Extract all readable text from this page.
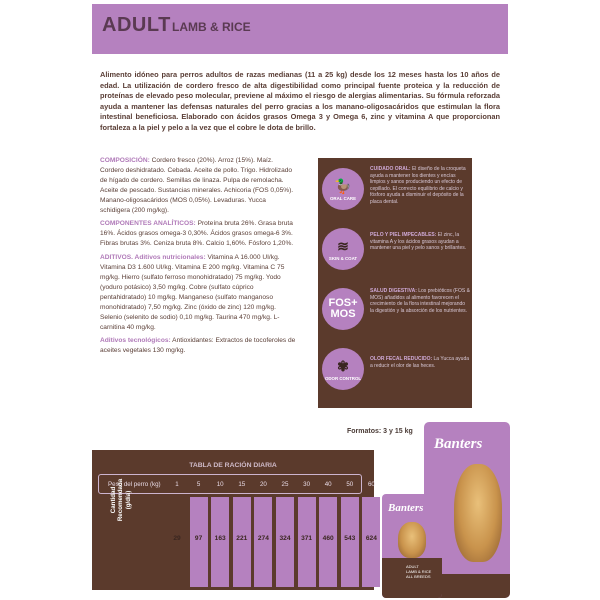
ADULT LAMB & RICE

Alimento idóneo para perros adultos de razas medianas (11 a 25 kg) desde los 12 meses hasta los 10 años de edad. La utilización de cordero fresco de alta digestibilidad como principal fuente proteica y la reducción de proteínas de elevado peso molecular, previene al máximo el riesgo de alergias alimentarias. Su fórmula reforzada ayuda a mantener las defensas naturales del perro gracias a los manano-oligosacáridos que estimulan la flora intestinal beneficiosa. Elaborado con ácidos grasos Omega 3 y Omega 6, zinc y vitamina A que proporcionan fortaleza a la piel y pelo a la vez que el cobre le dota de brillo.

COMPOSICIÓN: Cordero fresco (20%). Arroz (15%). Maíz. Cordero deshidratado. Cebada. Aceite de pollo. Trigo. Hidrolizado de hígado de cordero. Semillas de linaza. Pulpa de remolacha. Aceite de pescado. Sustancias minerales. Achicoria (FOS 0,05%). Manano-oligosacáridos (MOS 0,05%). Levaduras. Yucca schidigera (200 mg/kg).

COMPONENTES ANALÍTICOS: Proteína bruta 26%. Grasa bruta 16%. Ácidos grasos omega-3 0,30%. Ácidos grasos omega-6 3%. Fibras brutas 3%. Ceniza bruta 8%. Calcio 1,60%. Fósforo 1,20%.

ADITIVOS. Aditivos nutricionales: Vitamina A 16.000 UI/kg. Vitamina D3 1.600 UI/kg. Vitamina E 200 mg/kg. Vitamina C 75 mg/kg. Hierro (sulfato ferroso monohidratado) 75 mg/kg. Yodo (yoduro potásico) 3,50 mg/kg. Cobre (sulfato cúprico pentahidratado) 10 mg/kg. Manganeso (sulfato manganoso monohidratado) 7,50 mg/kg. Zinc (óxido de zinc) 120 mg/kg. Selenio (selenito de sodio) 0,10 mg/kg. Taurina 470 mg/kg. L-carnitina 40 mg/kg.

Aditivos tecnológicos: Antioxidantes: Extractos de tocoferoles de aceites vegetales 130 mg/kg.

🦆
ORAL CARE
CUIDADO ORAL: El diseño de la croqueta ayuda a mantener los dientes y encías limpios y sanos produciendo un efecto de cepillado. El correcto equilibrio de calcio y fósforo ayuda a disminuir el depósito de la placa dental.
≋
SKIN & COAT
PELO Y PIEL IMPECABLES: El zinc, la vitamina A y los ácidos grasos ayudan a mantener una piel y pelo sanos y brillantes.
FOS+ MOS
SALUD DIGESTIVA: Los prebióticos (FOS & MOS) añadidos al alimento favorecen el crecimiento de la flora intestinal mejorando la digestión y la absorción de los nutrientes.
✾
ODOR CONTROL
OLOR FECAL REDUCIDO: La Yucca ayuda a reducir el olor de las heces.
Formatos: 3 y 15 kg
TABLA DE RACIÓN DIARIA
Peso del perro (kg)
Cantidad Recomendada (g/día)
1
29
5
97
10
163
15
221
20
274
25
324
30
371
40
460
50
543
60
624
Banters
Banters
ADULT
LAMB & RICE
ALL BREEDS
